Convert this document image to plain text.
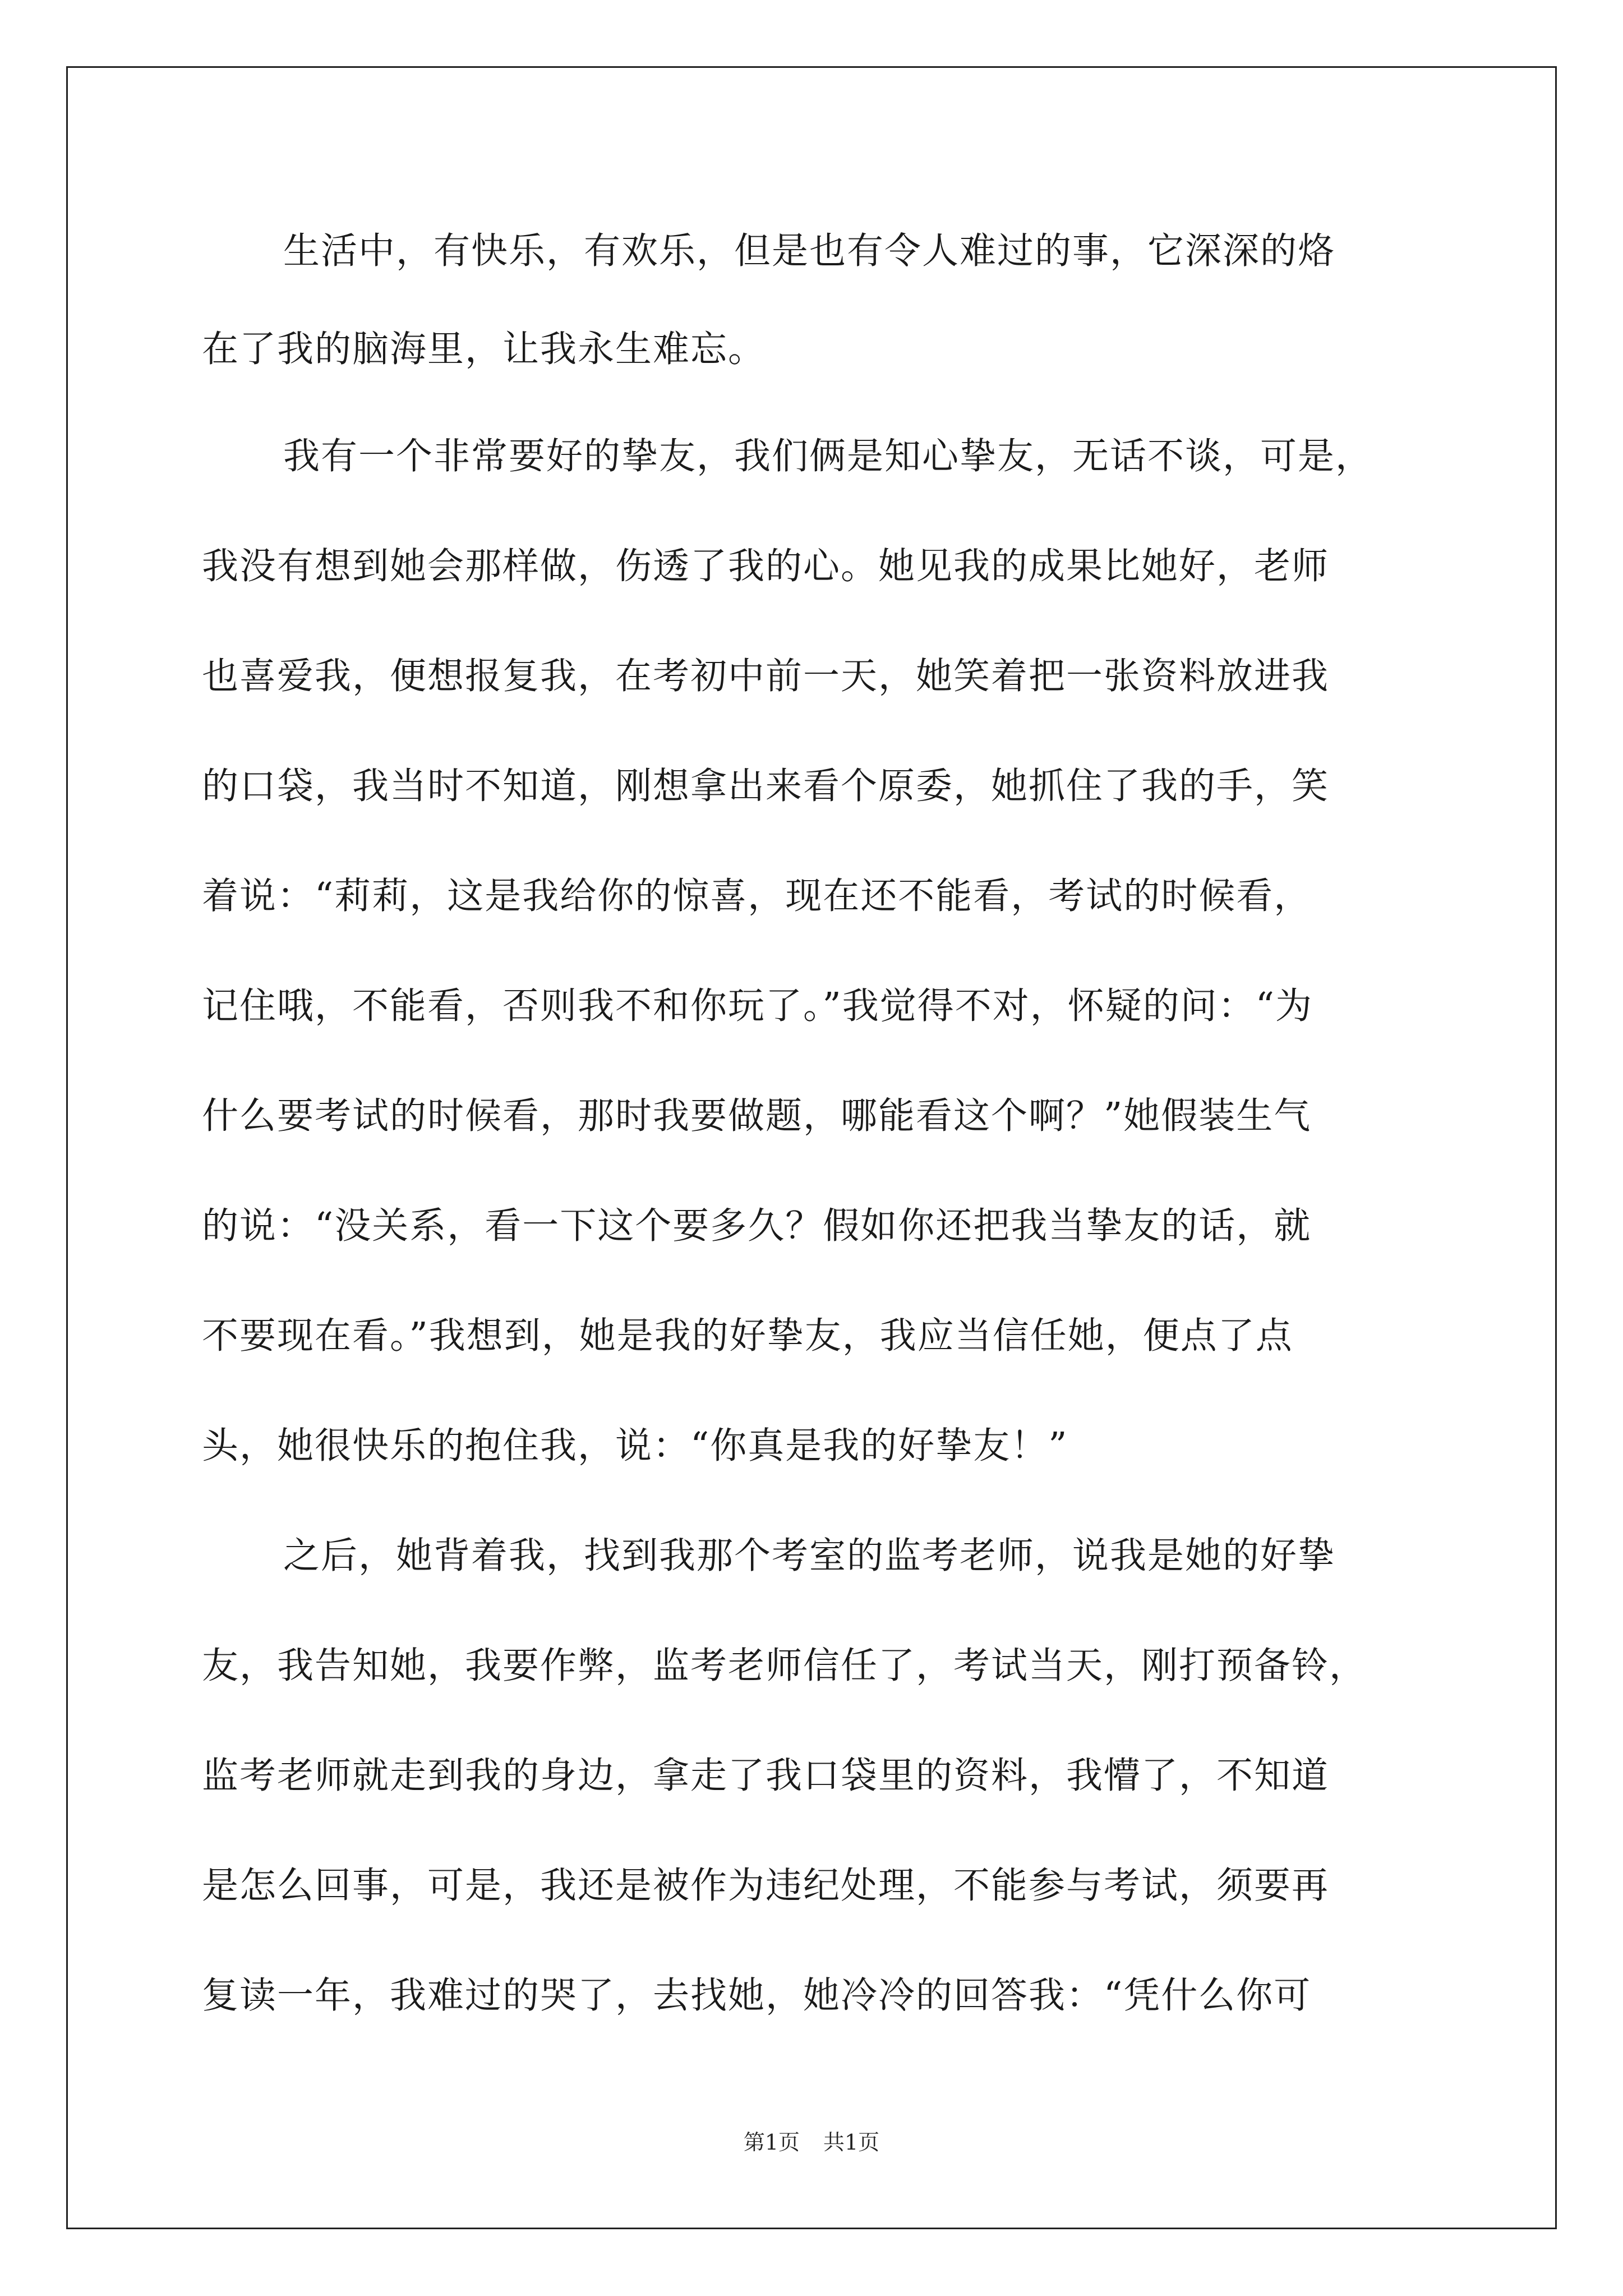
生活中，有快乐，有欢乐，但是也有令人难过的事，它深深的烙
在了我的脑海里，让我永生难忘。
我有一个非常要好的挚友，我们俩是知心挚友，无话不谈，可是，
我没有想到她会那样做，伤透了我的心。她见我的成果比她好，老师
也喜爱我，便想报复我，在考初中前一天，她笑着把一张资料放进我
的口袋，我当时不知道，刚想拿出来看个原委，她抓住了我的手，笑
着说：“莉莉，这是我给你的惊喜，现在还不能看，考试的时候看，
记住哦，不能看，否则我不和你玩了。”我觉得不对，怀疑的问：“为
什么要考试的时候看，那时我要做题，哪能看这个啊？”她假装生气
的说：“没关系，看一下这个要多久？假如你还把我当挚友的话，就
不要现在看。”我想到，她是我的好挚友，我应当信任她，便点了点
头，她很快乐的抱住我，说：“你真是我的好挚友！”
之后，她背着我，找到我那个考室的监考老师，说我是她的好挚
友，我告知她，我要作弊，监考老师信任了，考试当天，刚打预备铃，
监考老师就走到我的身边，拿走了我口袋里的资料，我懵了，不知道
是怎么回事，可是，我还是被作为违纪处理，不能参与考试，须要再
复读一年，我难过的哭了，去找她，她冷冷的回答我：“凭什么你可
第1页 共1页
